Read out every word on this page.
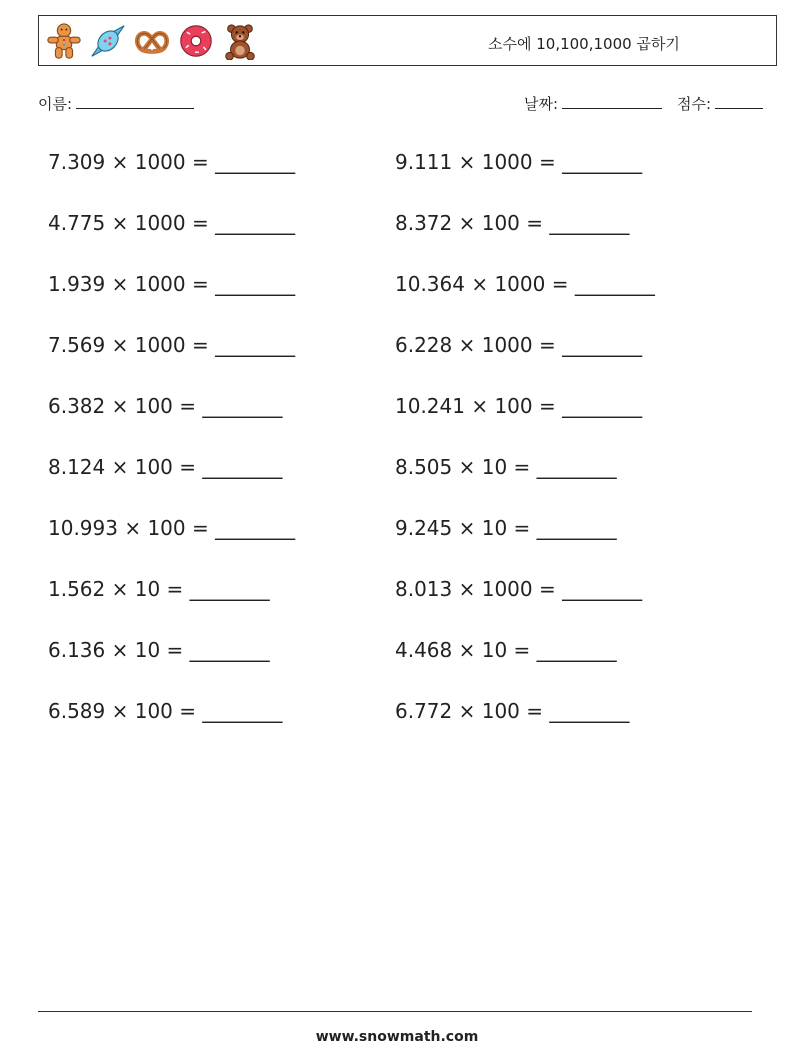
소수에 10,100,1000 곱하기
이름:	날짜:	점수:
7.309 × 1000 = ________	9.111 × 1000 = ________
4.775 × 1000 = ________	8.372 × 100 = ________
1.939 × 1000 = ________	10.364 × 1000 = ________
7.569 × 1000 = ________	6.228 × 1000 = ________
6.382 × 100 = ________	10.241 × 100 = ________
8.124 × 100 = ________	8.505 × 10 = ________
10.993 × 100 = ________	9.245 × 10 = ________
1.562 × 10 = ________	8.013 × 1000 = ________
6.136 × 10 = ________	4.468 × 10 = ________
6.589 × 100 = ________	6.772 × 100 = ________
www.snowmath.com
